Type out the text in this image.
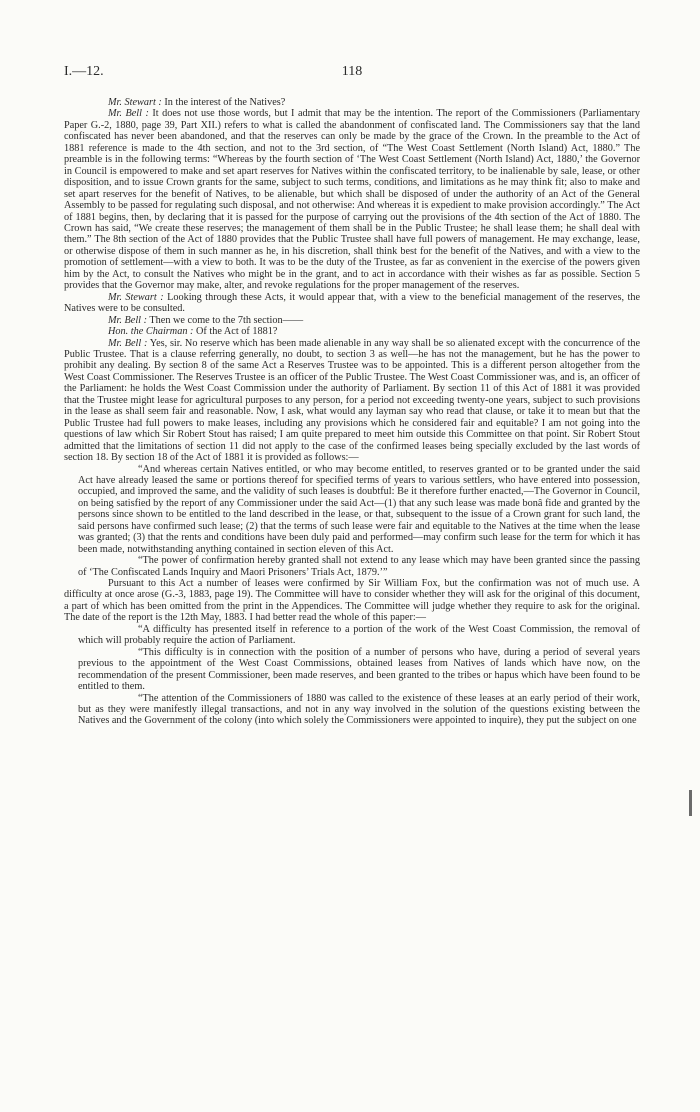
I.—12.	118

Mr. Stewart : In the interest of the Natives?

Mr. Bell : It does not use those words, but I admit that may be the intention. The report of the Commissioners (Parliamentary Paper G.-2, 1880, page 39, Part XII.) refers to what is called the abandonment of confiscated land. The Commissioners say that the land confiscated has never been abandoned, and that the reserves can only be made by the grace of the Crown. In the preamble to the Act of 1881 reference is made to the 4th section, and not to the 3rd section, of “The West Coast Settlement (North Island) Act, 1880.” The preamble is in the following terms: “Whereas by the fourth section of ‘The West Coast Settlement (North Island) Act, 1880,’ the Governor in Council is empowered to make and set apart reserves for Natives within the confiscated territory, to be inalienable by sale, lease, or other disposition, and to issue Crown grants for the same, subject to such terms, conditions, and limitations as he may think fit; also to make and set apart reserves for the benefit of Natives, to be alienable, but which shall be disposed of under the authority of an Act of the General Assembly to be passed for regulating such disposal, and not otherwise: And whereas it is expedient to make provision accordingly.” The Act of 1881 begins, then, by declaring that it is passed for the purpose of carrying out the provisions of the 4th section of the Act of 1880. The Crown has said, “We create these reserves; the management of them shall be in the Public Trustee; he shall lease them; he shall deal with them.” The 8th section of the Act of 1880 provides that the Public Trustee shall have full powers of management. He may exchange, lease, or otherwise dispose of them in such manner as he, in his discretion, shall think best for the benefit of the Natives, and with a view to the promotion of settlement—with a view to both. It was to be the duty of the Trustee, as far as convenient in the exercise of the powers given him by the Act, to consult the Natives who might be in the grant, and to act in accordance with their wishes as far as possible. Section 5 provides that the Governor may make, alter, and revoke regulations for the proper management of the reserves.

Mr. Stewart : Looking through these Acts, it would appear that, with a view to the beneficial management of the reserves, the Natives were to be consulted.

Mr. Bell : Then we come to the 7th section——

Hon. the Chairman : Of the Act of 1881?

Mr. Bell : Yes, sir. No reserve which has been made alienable in any way shall be so alienated except with the concurrence of the Public Trustee. That is a clause referring generally, no doubt, to section 3 as well—he has not the management, but he has the power to prohibit any dealing. By section 8 of the same Act a Reserves Trustee was to be appointed. This is a different person altogether from the West Coast Commissioner. The Reserves Trustee is an officer of the Public Trustee. The West Coast Commissioner was, and is, an officer of the Parliament: he holds the West Coast Commission under the authority of Parliament. By section 11 of this Act of 1881 it was provided that the Trustee might lease for agricultural purposes to any person, for a period not exceeding twenty-one years, subject to such provisions in the lease as shall seem fair and reasonable. Now, I ask, what would any layman say who read that clause, or take it to mean but that the Public Trustee had full powers to make leases, including any provisions which he considered fair and equitable? I am not going into the questions of law which Sir Robert Stout has raised; I am quite prepared to meet him outside this Committee on that point. Sir Robert Stout admitted that the limitations of section 11 did not apply to the case of the confirmed leases being specially excluded by the last words of section 18. By section 18 of the Act of 1881 it is provided as follows:—

“And whereas certain Natives entitled, or who may become entitled, to reserves granted or to be granted under the said Act have already leased the same or portions thereof for specified terms of years to various settlers, who have entered into possession, occupied, and improved the same, and the validity of such leases is doubtful: Be it therefore further enacted,—The Governor in Council, on being satisfied by the report of any Commissioner under the said Act—(1) that any such lease was made bonâ fide and granted by the persons since shown to be entitled to the land described in the lease, or that, subsequent to the issue of a Crown grant for such land, the said persons have confirmed such lease; (2) that the terms of such lease were fair and equitable to the Natives at the time when the lease was granted; (3) that the rents and conditions have been duly paid and performed—may confirm such lease for the term for which it has been made, notwithstanding anything contained in section eleven of this Act.

“The power of confirmation hereby granted shall not extend to any lease which may have been granted since the passing of ‘The Confiscated Lands Inquiry and Maori Prisoners’ Trials Act, 1879.’”

Pursuant to this Act a number of leases were confirmed by Sir William Fox, but the confirmation was not of much use. A difficulty at once arose (G.-3, 1883, page 19). The Committee will have to consider whether they will ask for the original of this document, a part of which has been omitted from the print in the Appendices. The Committee will judge whether they require to ask for the original. The date of the report is the 12th May, 1883. I had better read the whole of this paper:—

“A difficulty has presented itself in reference to a portion of the work of the West Coast Commission, the removal of which will probably require the action of Parliament.

“This difficulty is in connection with the position of a number of persons who have, during a period of several years previous to the appointment of the West Coast Commissions, obtained leases from Natives of lands which have now, on the recommendation of the present Commissioner, been made reserves, and been granted to the tribes or hapus which have been found to be entitled to them.

“The attention of the Commissioners of 1880 was called to the existence of these leases at an early period of their work, but as they were manifestly illegal transactions, and not in any way involved in the solution of the questions existing between the Natives and the Government of the colony (into which solely the Commissioners were appointed to inquire), they put the subject on one
